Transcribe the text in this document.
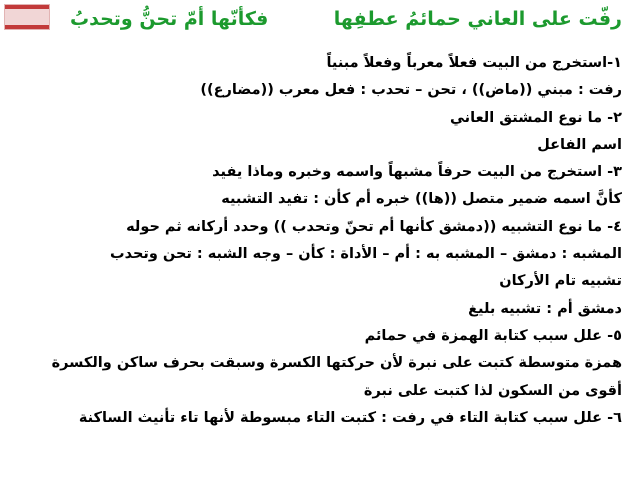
رفّت على العاني حمائمُ عطفِها
فكأنّها أمّ تحنُّ وتحدبُ
١-استخرج من البيت فعلاً معرباً وفعلاً مبنياً
رفت : مبني ((ماض)) ، تحن – تحدب : فعل معرب ((مضارع))
٢- ما نوع المشتق العاني
اسم الفاعل
٣- استخرج من البيت حرفاً مشبهاً واسمه وخبره وماذا يفيد
كأنَّ اسمه ضمير متصل ((ها)) خبره أم كأن : تفيد التشبيه
٤- ما نوع التشبيه ((دمشق كأنها أم تحنّ وتحدب )) وحدد أركانه ثم حوله
المشبه : دمشق – المشبه به : أم – الأداة : كأن – وجه الشبه : تحن وتحدب
تشبيه تام الأركان
دمشق أم : تشبيه بليغ
٥- علل سبب كتابة الهمزة في حمائم
همزة متوسطة كتبت على نبرة لأن حركتها الكسرة وسبقت بحرف ساكن والكسرة
أقوى من السكون لذا كتبت على نبرة
٦- علل سبب كتابة التاء في رفت : كتبت التاء مبسوطة لأنها تاء تأنيث الساكنة
